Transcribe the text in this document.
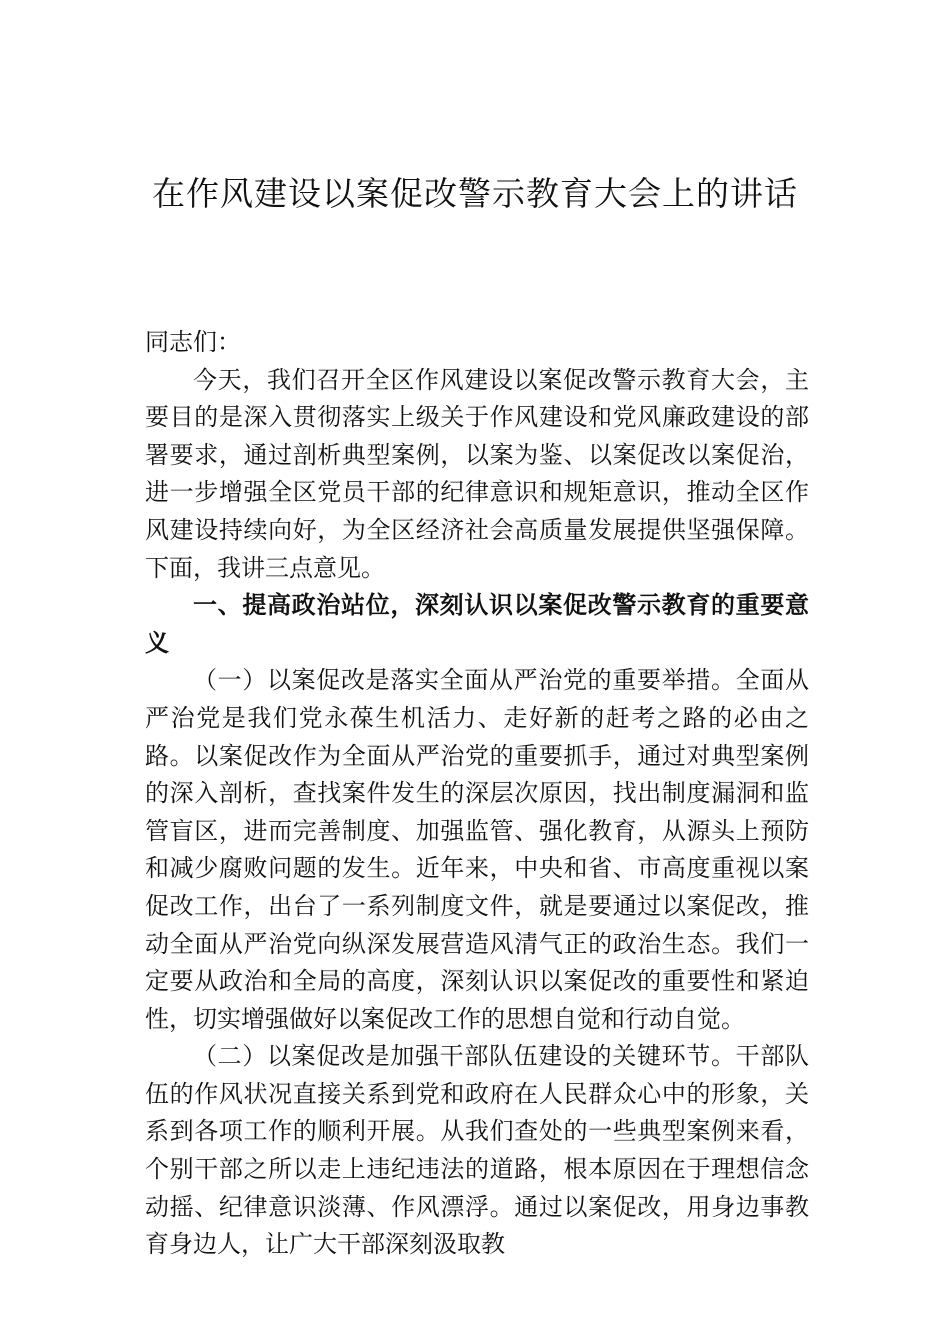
在作风建设以案促改警示教育大会上的讲话

同志们：

今天，我们召开全区作风建设以案促改警示教育大会，主要目的是深入贯彻落实上级关于作风建设和党风廉政建设的部署要求，通过剖析典型案例，以案为鉴、以案促改以案促治，进一步增强全区党员干部的纪律意识和规矩意识，推动全区作风建设持续向好，为全区经济社会高质量发展提供坚强保障。下面，我讲三点意见。

一、提高政治站位，深刻认识以案促改警示教育的重要意义

（一）以案促改是落实全面从严治党的重要举措。全面从严治党是我们党永葆生机活力、走好新的赶考之路的必由之路。以案促改作为全面从严治党的重要抓手，通过对典型案例的深入剖析，查找案件发生的深层次原因，找出制度漏洞和监管盲区，进而完善制度、加强监管、强化教育，从源头上预防和减少腐败问题的发生。近年来，中央和省、市高度重视以案促改工作，出台了一系列制度文件，就是要通过以案促改，推动全面从严治党向纵深发展营造风清气正的政治生态。我们一定要从政治和全局的高度，深刻认识以案促改的重要性和紧迫性，切实增强做好以案促改工作的思想自觉和行动自觉。

（二）以案促改是加强干部队伍建设的关键环节。干部队伍的作风状况直接关系到党和政府在人民群众心中的形象，关系到各项工作的顺利开展。从我们查处的一些典型案例来看，个别干部之所以走上违纪违法的道路，根本原因在于理想信念动摇、纪律意识淡薄、作风漂浮。通过以案促改，用身边事教育身边人，让广大干部深刻汲取教
